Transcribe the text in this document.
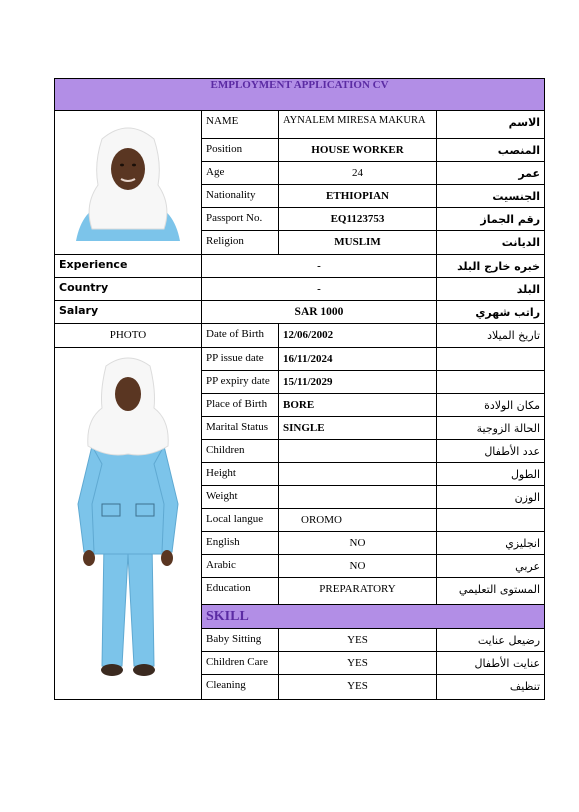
EMPLOYMENT APPLICATION CV			

	NAME	AYNALEM MIRESA MAKURA	الاسم
	Position	HOUSE WORKER	المنصب
	Age	24	عمر
	Nationality	ETHIOPIAN	الجنسيت
	Passport No.	EQ1123753	رقم الجماز
	Religion	MUSLIM	الديانت
Experience	-		خبره خارج البلد
Country	-		البلد
Salary	SAR 1000		راتب شهري
PHOTO	Date of Birth	12/06/2002	تاريخ الميلاد

	PP issue date	16/11/2024	
	PP expiry date	15/11/2029	
	Place of Birth	BORE	مكان الولادة
	Marital Status	SINGLE	الحالة الزوجية
	Children		عدد الأطفال
	Height		الطول
	Weight		الوزن
	Local langue	OROMO	
	English	NO	انجليزي
	Arabic	NO	عربي
	Education	PREPARATORY	المستوى التعليمي
	SKILL		
	Baby Sitting	YES	رضيعل عنايت
	Children Care	YES	عنايت الأطفال
	Cleaning	YES	تنظيف
